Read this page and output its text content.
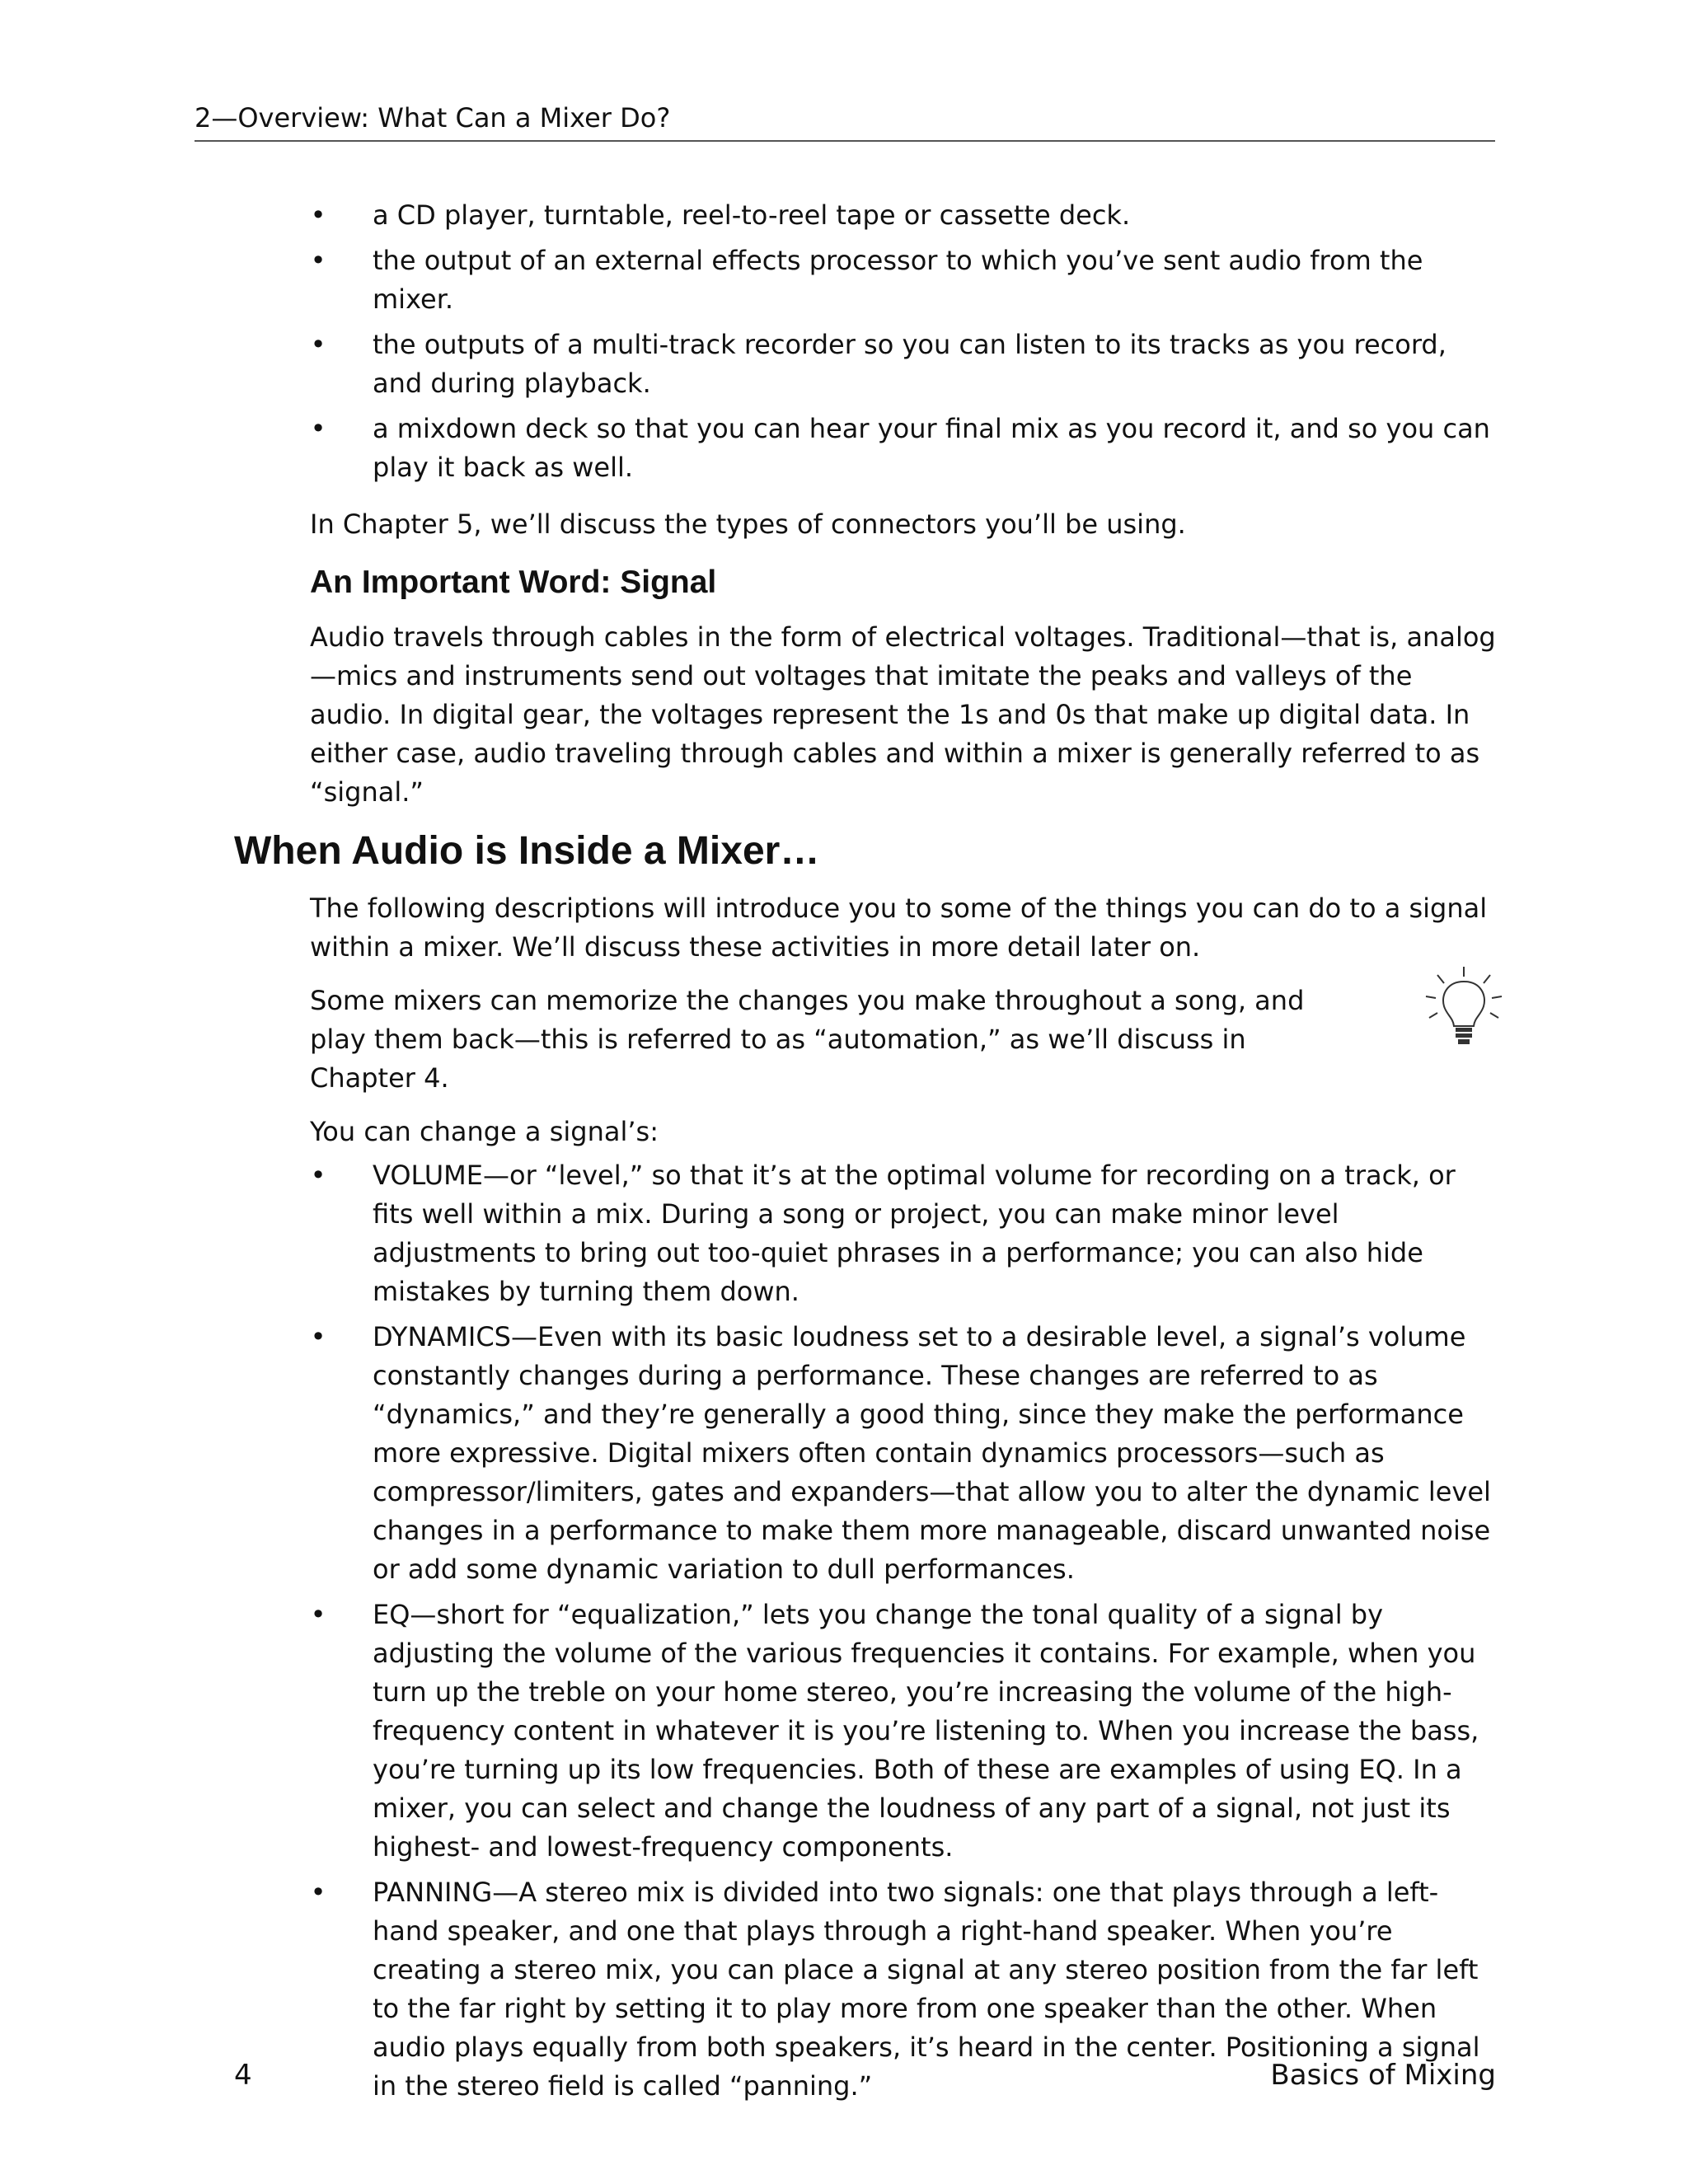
2—Overview: What Can a Mixer Do?
• a CD player, turntable, reel-to-reel tape or cassette deck.
• the output of an external effects processor to which you’ve sent audio from the mixer.
• the outputs of a multi-track recorder so you can listen to its tracks as you record, and during playback.
• a mixdown deck so that you can hear your final mix as you record it, and so you can play it back as well.

In Chapter 5, we’ll discuss the types of connectors you’ll be using.

An Important Word: Signal

Audio travels through cables in the form of electrical voltages. Traditional—that is, analog—mics and instruments send out voltages that imitate the peaks and valleys of the audio. In digital gear, the voltages represent the 1s and 0s that make up digital data. In either case, audio traveling through cables and within a mixer is generally referred to as “signal.”

When Audio is Inside a Mixer…

The following descriptions will introduce you to some of the things you can do to a signal within a mixer. We’ll discuss these activities in more detail later on.

Some mixers can memorize the changes you make throughout a song, and play them back—this is referred to as “automation,” as we’ll discuss in Chapter 4.

You can change a signal’s:

• VOLUME—or “level,” so that it’s at the optimal volume for recording on a track, or fits well within a mix. During a song or project, you can make minor level adjustments to bring out too-quiet phrases in a performance; you can also hide mistakes by turning them down.
• DYNAMICS—Even with its basic loudness set to a desirable level, a signal’s volume constantly changes during a performance. These changes are referred to as “dynamics,” and they’re generally a good thing, since they make the performance more expressive. Digital mixers often contain dynamics processors—such as compressor/limiters, gates and expanders—that allow you to alter the dynamic level changes in a performance to make them more manageable, discard unwanted noise or add some dynamic variation to dull performances.
• EQ—short for “equalization,” lets you change the tonal quality of a signal by adjusting the volume of the various frequencies it contains. For example, when you turn up the treble on your home stereo, you’re increasing the volume of the high-frequency content in whatever it is you’re listening to. When you increase the bass, you’re turning up its low frequencies. Both of these are examples of using EQ. In a mixer, you can select and change the loudness of any part of a signal, not just its highest- and lowest-frequency components.
• PANNING—A stereo mix is divided into two signals: one that plays through a left-hand speaker, and one that plays through a right-hand speaker. When you’re creating a stereo mix, you can place a signal at any stereo position from the far left to the far right by setting it to play more from one speaker than the other. When audio plays equally from both speakers, it’s heard in the center. Positioning a signal in the stereo field is called “panning.”
4	Basics of Mixing
